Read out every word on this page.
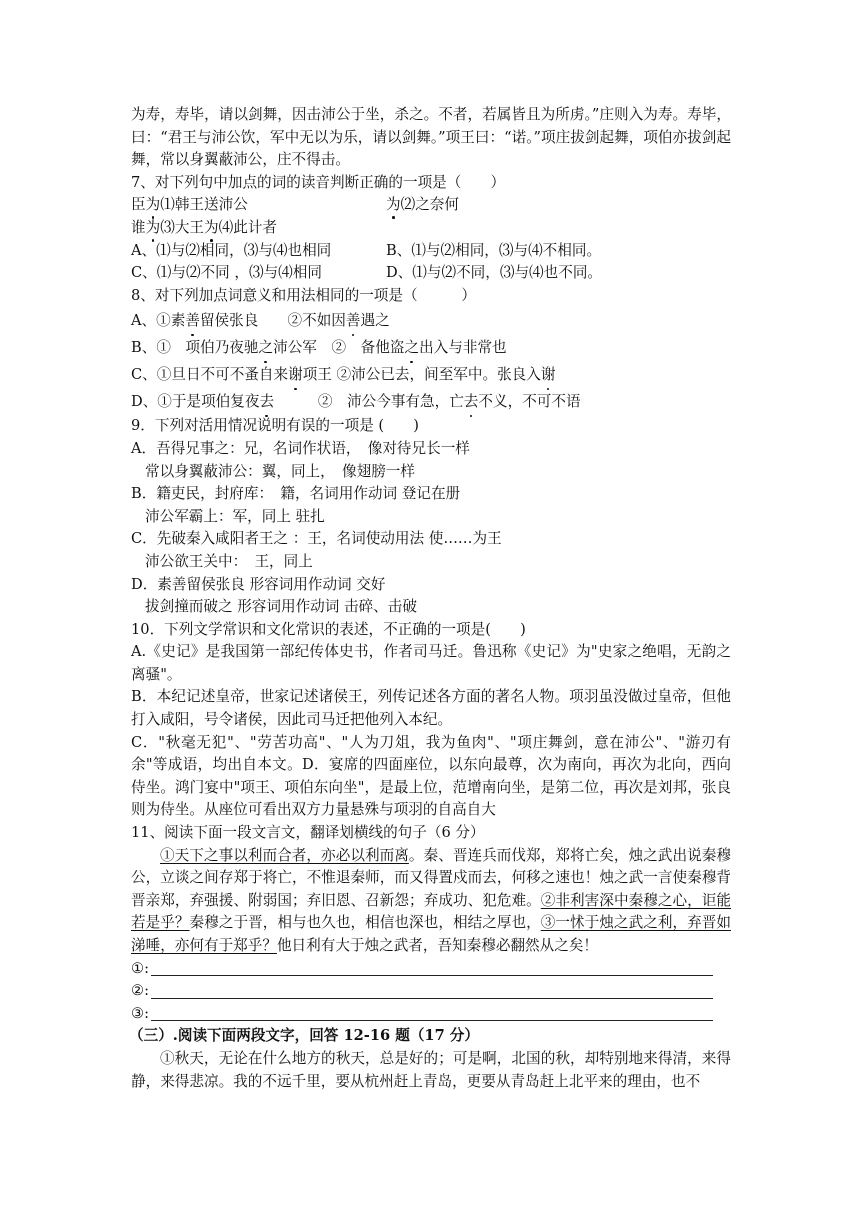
为寿，寿毕，请以剑舞，因击沛公于坐，杀之。不者，若属皆且为所虏。”庄则入为寿。寿毕，曰：“君王与沛公饮，军中无以为乐，请以剑舞。”项王曰：“诺。”项庄拔剑起舞，项伯亦拔剑起舞，常以身翼蔽沛公，庄不得击。
7、对下列句中加点的词的读音判断正确的一项是（　　）
臣为⑴韩王送沛公	为⑵之奈何
谁为⑶大王为⑷此计者
A、⑴与⑵相同，⑶与⑷也相同	B、⑴与⑵相同，⑶与⑷不相同。
C、⑴与⑵不同 ，⑶与⑷相同	D、⑴与⑵不同，⑶与⑷也不同。
8、对下列加点词意义和用法相同的一项是（　　　）
A、①素善留侯张良　　②不如因善遇之
B、①　项伯乃夜驰之沛公军　②　备他盗之出入与非常也
C、①旦日不可不蚤自来谢项王 ②沛公已去，间至军中。张良入谢
D、①于是项伯复夜去　　　②　沛公今事有急，亡去不义，不可不语
9．下列对活用情况说明有误的一项是 (　　)
A．吾得兄事之：兄，名词作状语，　像对待兄长一样
常以身翼蔽沛公：翼，同上，　像翅膀一样
B．籍吏民，封府库：　籍，名词用作动词 登记在册
沛公军霸上：军，同上 驻扎
C．先破秦入咸阳者王之 ：王，名词使动用法 使……为王
沛公欲王关中：　王，同上
D．素善留侯张良 形容词用作动词 交好
拔剑撞而破之 形容词用作动词 击碎、击破
10．下列文学常识和文化常识的表述，不正确的一项是(　　)
A.《史记》是我国第一部纪传体史书，作者司马迁。鲁迅称《史记》为"史家之绝唱，无韵之离骚"。
B．本纪记述皇帝，世家记述诸侯王，列传记述各方面的著名人物。项羽虽没做过皇帝，但他打入咸阳，号令诸侯，因此司马迁把他列入本纪。
C．"秋毫无犯"、"劳苦功高"、"人为刀俎，我为鱼肉"、"项庄舞剑，意在沛公"、"游刃有余"等成语，均出自本文。D．宴席的四面座位，以东向最尊，次为南向，再次为北向，西向侍坐。鸿门宴中"项王、项伯东向坐"，是最上位，范增南向坐，是第二位，再次是刘邦，张良则为侍坐。从座位可看出双方力量悬殊与项羽的自高自大
11、阅读下面一段文言文，翻译划横线的句子（6 分）
①天下之事以利而合者，亦必以利而离。秦、晋连兵而伐郑，郑将亡矣，烛之武出说秦穆公，立谈之间存郑于将亡，不惟退秦师，而又得置戍而去，何移之速也！烛之武一言使秦穆背晋亲郑，弃强援、附弱国；弃旧恩、召新怨；弃成功、犯危难。②非利害深中秦穆之心，讵能若是乎？秦穆之于晋，相与也久也，相信也深也，相结之厚也，③一怵于烛之武之利，弃晋如涕唾，亦何有于郑乎？他日利有大于烛之武者，吾知秦穆必翻然从之矣！
①:
②:
③:
（三）.阅读下面两段文字，回答 12-16 题（17 分）
①秋天，无论在什么地方的秋天，总是好的；可是啊，北国的秋，却特别地来得清，来得静，来得悲凉。我的不远千里，要从杭州赶上青岛，更要从青岛赶上北平来的理由，也不
